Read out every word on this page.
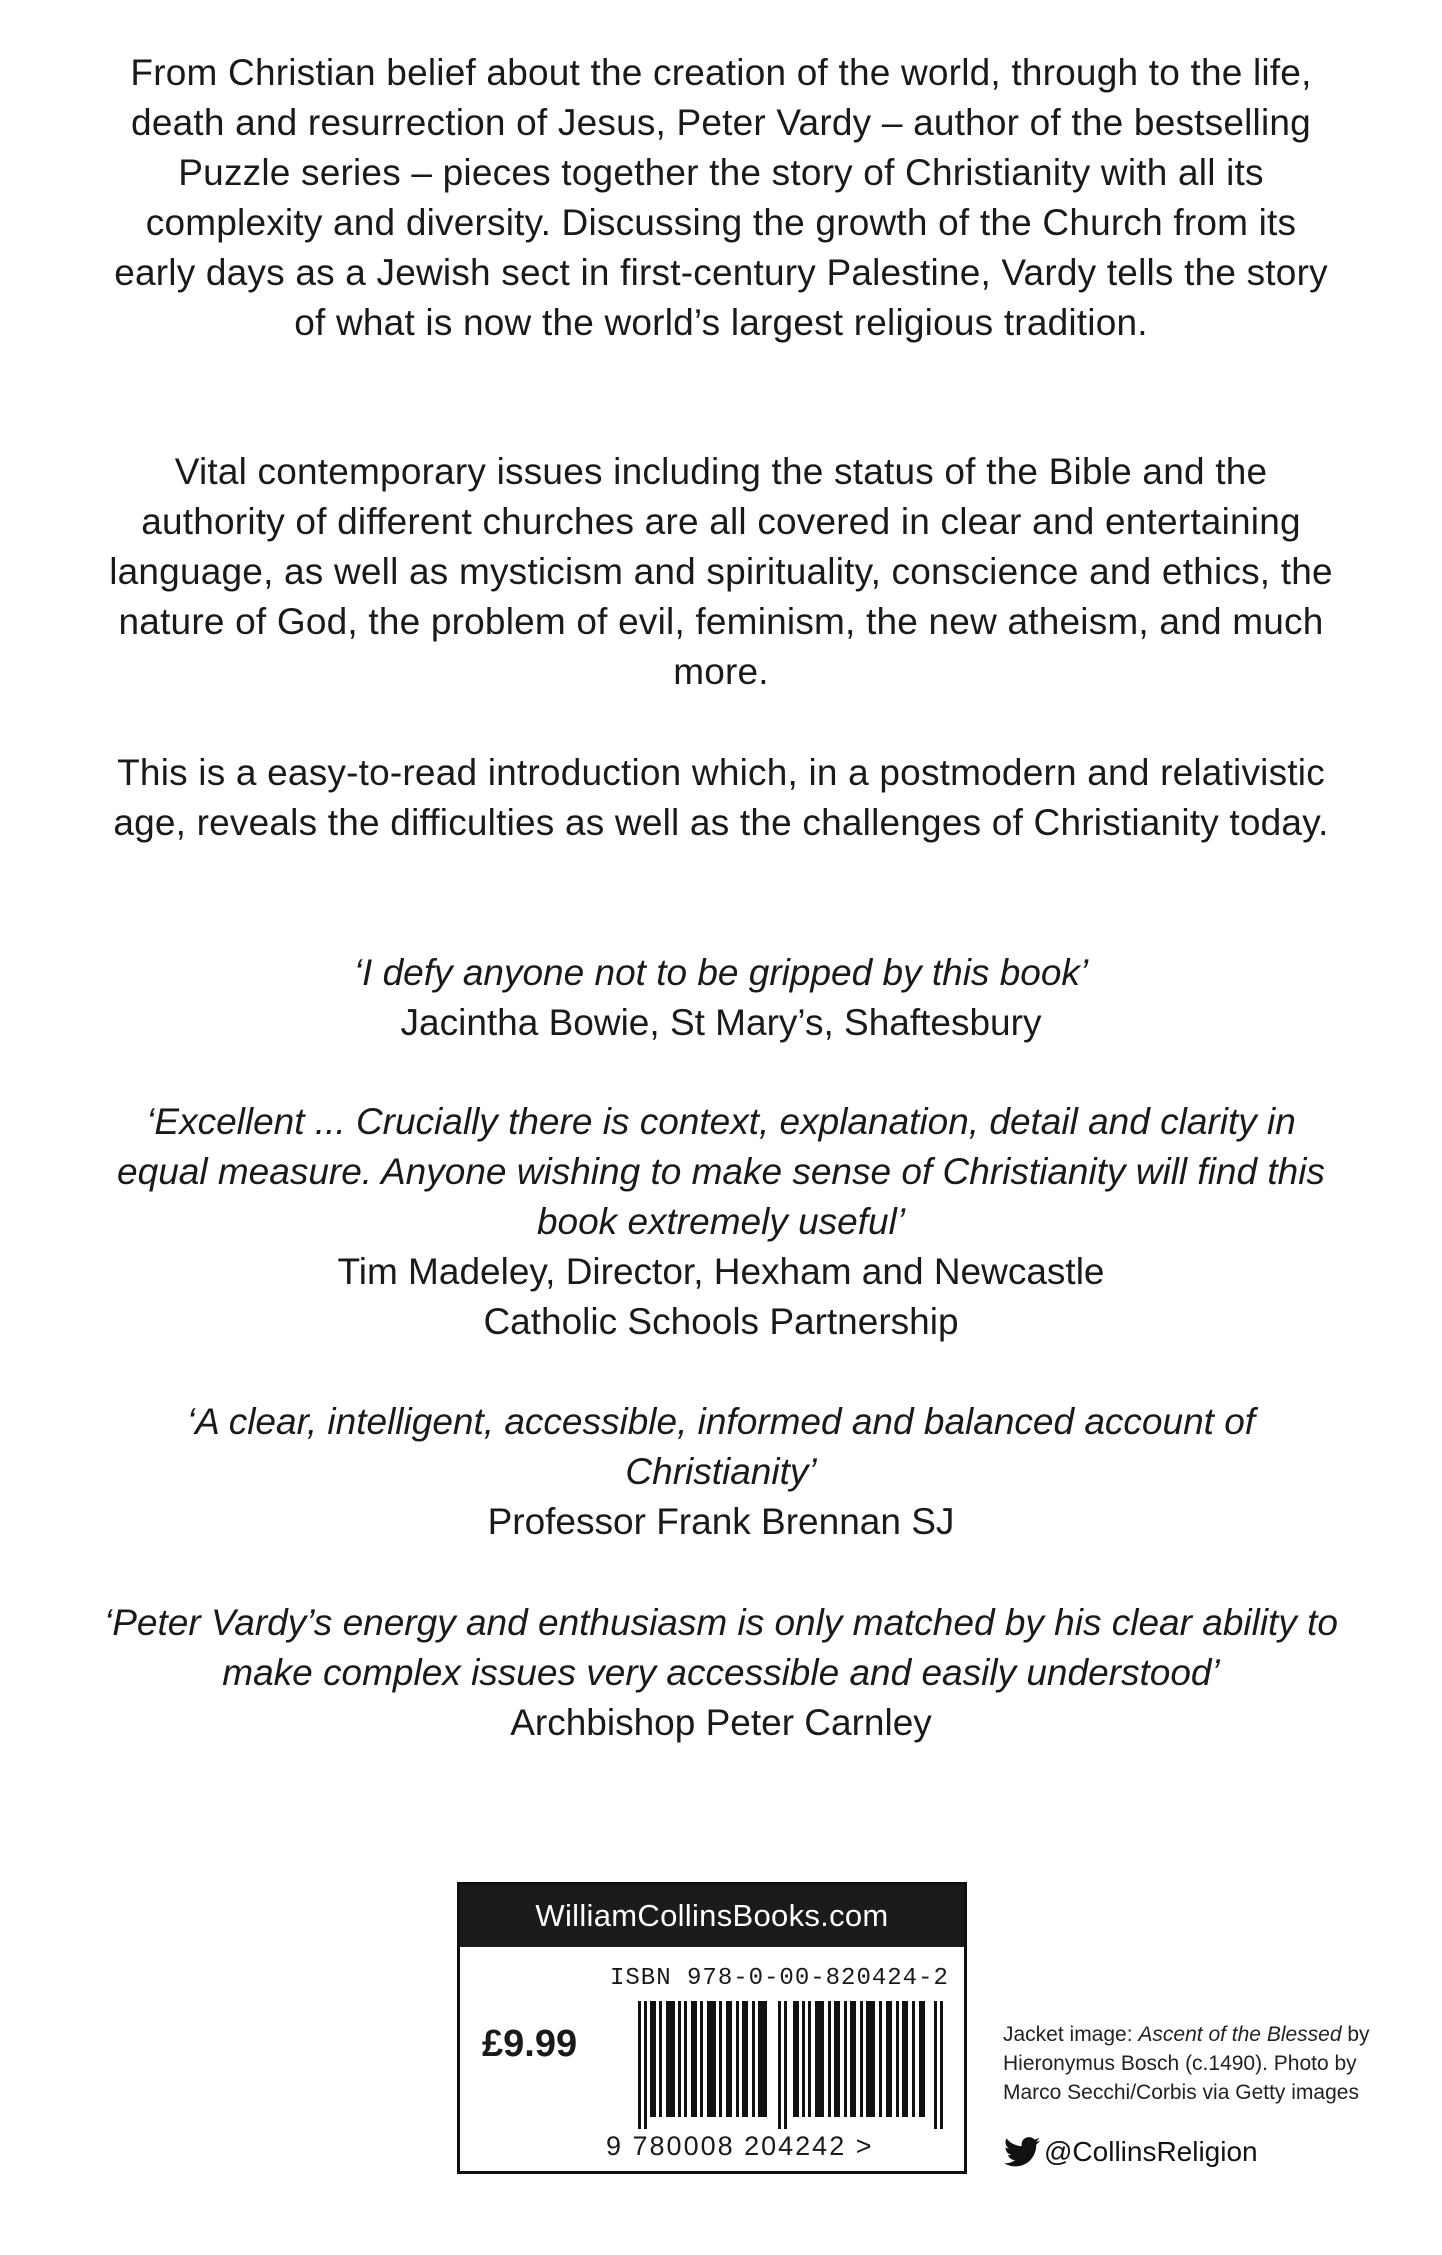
From Christian belief about the creation of the world, through to the life, death and resurrection of Jesus, Peter Vardy – author of the bestselling Puzzle series – pieces together the story of Christianity with all its complexity and diversity. Discussing the growth of the Church from its early days as a Jewish sect in first-century Palestine, Vardy tells the story of what is now the world’s largest religious tradition.

Vital contemporary issues including the status of the Bible and the authority of different churches are all covered in clear and entertaining language, as well as mysticism and spirituality, conscience and ethics, the nature of God, the problem of evil, feminism, the new atheism, and much more.

This is a easy-to-read introduction which, in a postmodern and relativistic age, reveals the difficulties as well as the challenges of Christianity today.

‘I defy anyone not to be gripped by this book’

Jacintha Bowie, St Mary’s, Shaftesbury

‘Excellent ... Crucially there is context, explanation, detail and clarity in equal measure. Anyone wishing to make sense of Christianity will find this book extremely useful’

Tim Madeley, Director, Hexham and Newcastle

Catholic Schools Partnership

‘A clear, intelligent, accessible, informed and balanced account of Christianity’

Professor Frank Brennan SJ

‘Peter Vardy’s energy and enthusiasm is only matched by his clear ability to make complex issues very accessible and easily understood’

Archbishop Peter Carnley

WilliamCollinsBooks.com
ISBN 978-0-00-820424-2
£9.99
9 780008 204242 >
Jacket image: Ascent of the Blessed by Hieronymus Bosch (c.1490). Photo by Marco Secchi/Corbis via Getty images
@CollinsReligion
